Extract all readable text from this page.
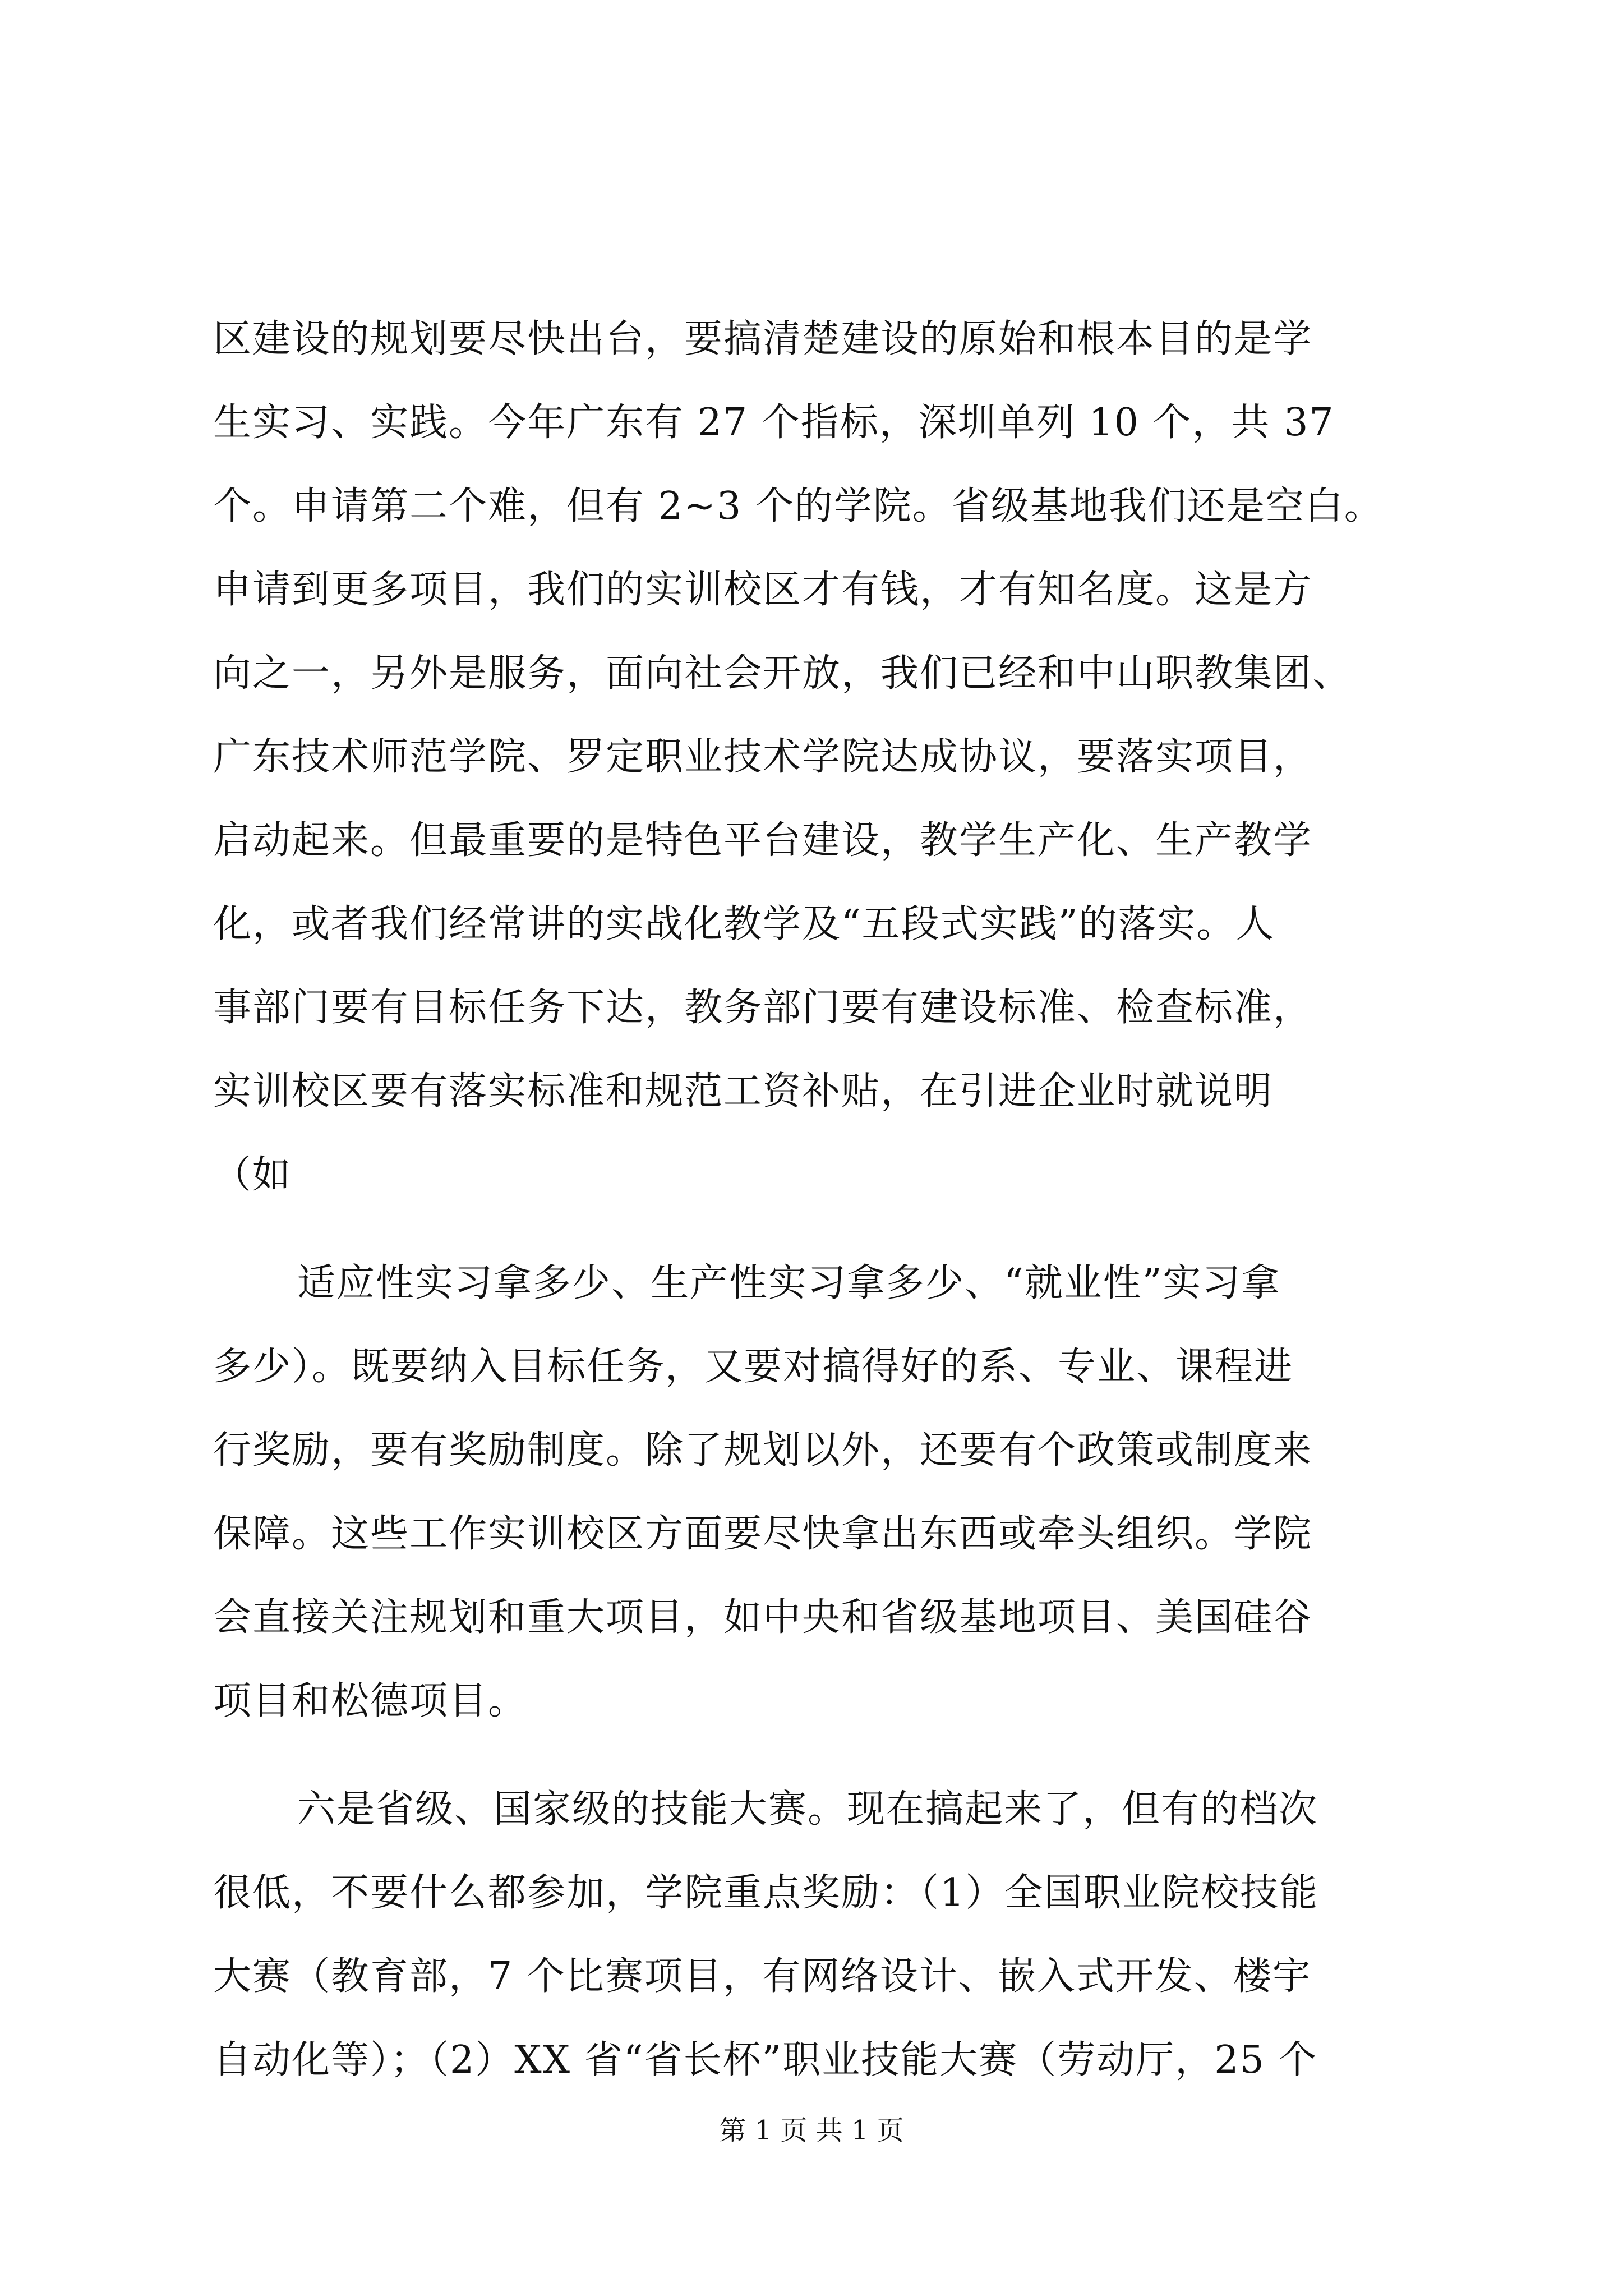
区建设的规划要尽快出台，要搞清楚建设的原始和根本目的是学
生实习、实践。今年广东有 27 个指标，深圳单列 10 个，共 37
个。申请第二个难，但有 2~3 个的学院。省级基地我们还是空白。
申请到更多项目，我们的实训校区才有钱，才有知名度。这是方
向之一，另外是服务，面向社会开放，我们已经和中山职教集团、
广东技术师范学院、罗定职业技术学院达成协议，要落实项目，
启动起来。但最重要的是特色平台建设，教学生产化、生产教学
化，或者我们经常讲的实战化教学及“五段式实践”的落实。人
事部门要有目标任务下达，教务部门要有建设标准、检查标准，
实训校区要有落实标准和规范工资补贴，在引进企业时就说明
（如
适应性实习拿多少、生产性实习拿多少、“就业性”实习拿
多少）。既要纳入目标任务，又要对搞得好的系、专业、课程进
行奖励，要有奖励制度。除了规划以外，还要有个政策或制度来
保障。这些工作实训校区方面要尽快拿出东西或牵头组织。学院
会直接关注规划和重大项目，如中央和省级基地项目、美国硅谷
项目和松德项目。
六是省级、国家级的技能大赛。现在搞起来了，但有的档次
很低，不要什么都参加，学院重点奖励：（1）全国职业院校技能
大赛（教育部，7 个比赛项目，有网络设计、嵌入式开发、楼宇
自动化等）；（2）XX 省“省长杯”职业技能大赛（劳动厅，25 个
第 1 页 共 1 页
